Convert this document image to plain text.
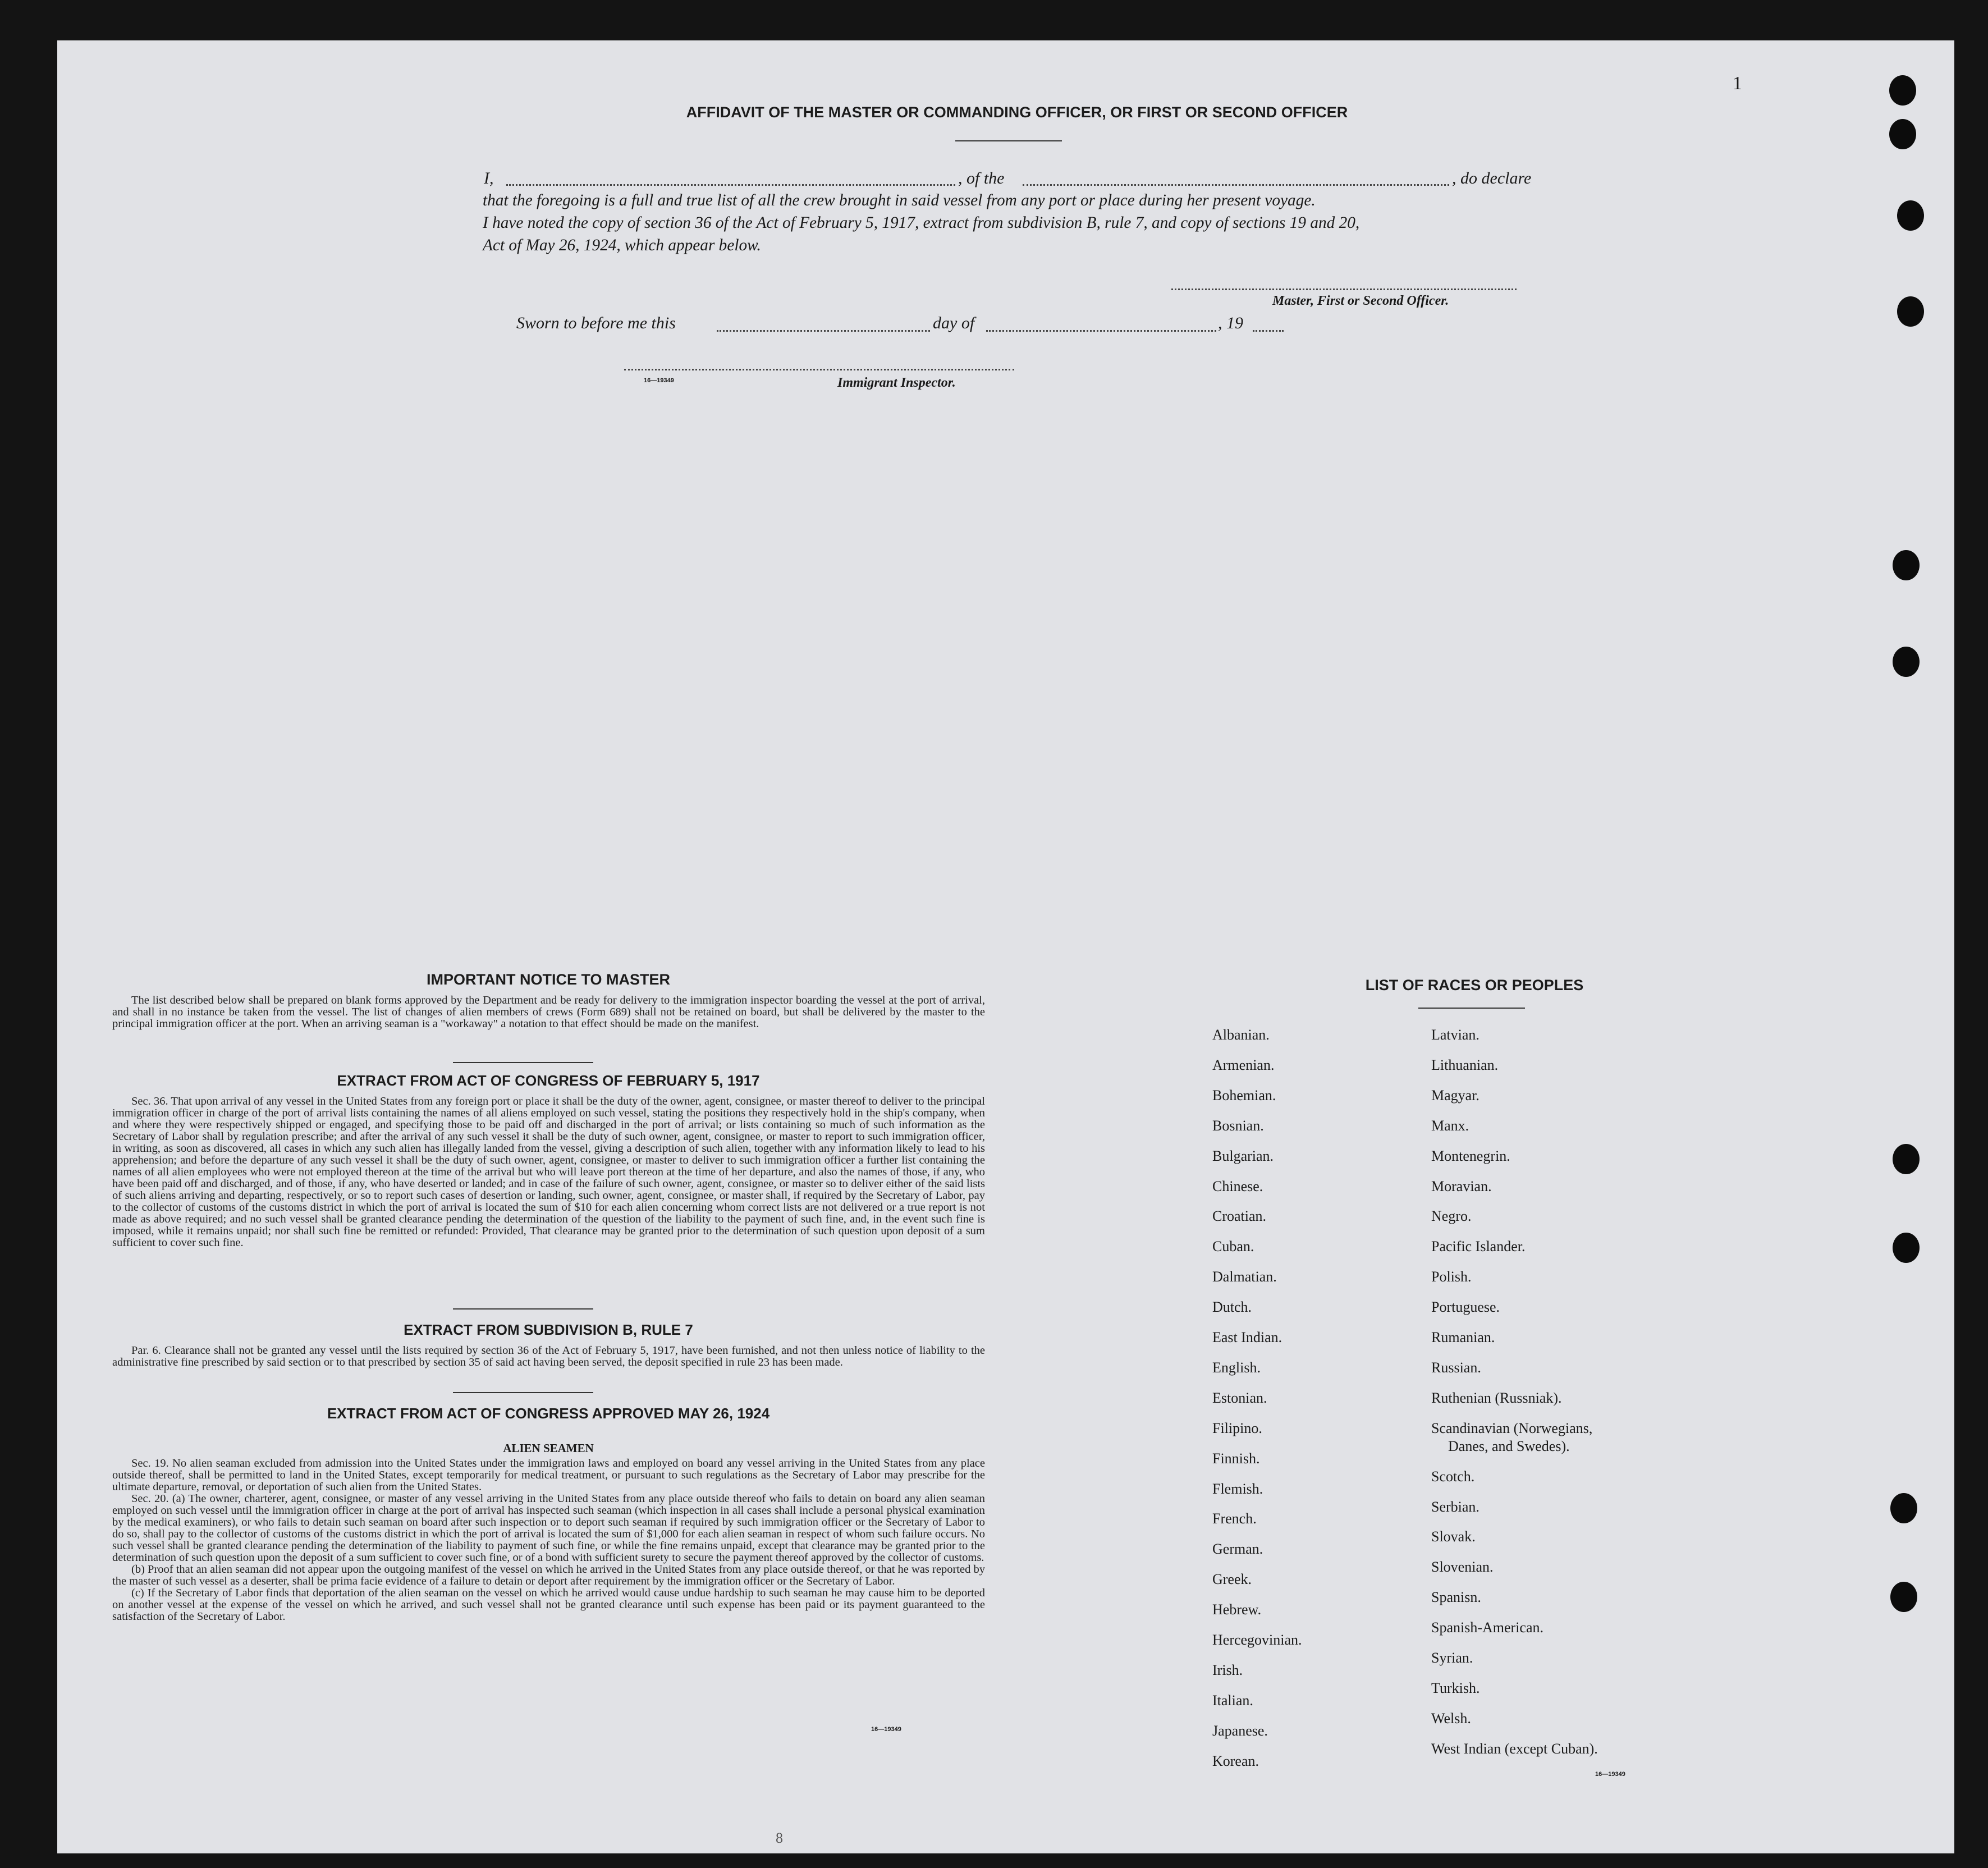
1
8
AFFIDAVIT OF THE MASTER OR COMMANDING OFFICER, OR FIRST OR SECOND OFFICER
I,	, of the	, do declare
that the foregoing is a full and true list of all the crew brought in said vessel from any port or place during her present voyage.
I have noted the copy of section 36 of the Act of February 5, 1917, extract from subdivision B, rule 7, and copy of sections 19 and 20,
Act of May 26, 1924, which appear below.
Master, First or Second Officer.
Sworn to before me this	day of	, 19
16—19349	Immigrant Inspector.
IMPORTANT NOTICE TO MASTER

The list described below shall be prepared on blank forms approved by the Department and be ready for delivery to the immigration inspector boarding the vessel at the port of arrival, and shall in no instance be taken from the vessel. The list of changes of alien members of crews (Form 689) shall not be retained on board, but shall be delivered by the master to the principal immigration officer at the port. When an arriving seaman is a "workaway" a notation to that effect should be made on the manifest.

EXTRACT FROM ACT OF CONGRESS OF FEBRUARY 5, 1917

Sec. 36. That upon arrival of any vessel in the United States from any foreign port or place it shall be the duty of the owner, agent, consignee, or master thereof to deliver to the principal immigration officer in charge of the port of arrival lists containing the names of all aliens employed on such vessel, stating the positions they respectively hold in the ship's company, when and where they were respectively shipped or engaged, and specifying those to be paid off and discharged in the port of arrival; or lists containing so much of such information as the Secretary of Labor shall by regulation prescribe; and after the arrival of any such vessel it shall be the duty of such owner, agent, consignee, or master to report to such immigration officer, in writing, as soon as discovered, all cases in which any such alien has illegally landed from the vessel, giving a description of such alien, together with any information likely to lead to his apprehension; and before the departure of any such vessel it shall be the duty of such owner, agent, consignee, or master to deliver to such immigration officer a further list containing the names of all alien employees who were not employed thereon at the time of the arrival but who will leave port thereon at the time of her departure, and also the names of those, if any, who have been paid off and discharged, and of those, if any, who have deserted or landed; and in case of the failure of such owner, agent, consignee, or master so to deliver either of the said lists of such aliens arriving and departing, respectively, or so to report such cases of desertion or landing, such owner, agent, consignee, or master shall, if required by the Secretary of Labor, pay to the collector of customs of the customs district in which the port of arrival is located the sum of $10 for each alien concerning whom correct lists are not delivered or a true report is not made as above required; and no such vessel shall be granted clearance pending the determination of the question of the liability to the payment of such fine, and, in the event such fine is imposed, while it remains unpaid; nor shall such fine be remitted or refunded: Provided, That clearance may be granted prior to the determination of such question upon deposit of a sum sufficient to cover such fine.

EXTRACT FROM SUBDIVISION B, RULE 7

Par. 6. Clearance shall not be granted any vessel until the lists required by section 36 of the Act of February 5, 1917, have been furnished, and not then unless notice of liability to the administrative fine prescribed by said section or to that prescribed by section 35 of said act having been served, the deposit specified in rule 23 has been made.

EXTRACT FROM ACT OF CONGRESS APPROVED MAY 26, 1924
ALIEN SEAMEN

Sec. 19. No alien seaman excluded from admission into the United States under the immigration laws and employed on board any vessel arriving in the United States from any place outside thereof, shall be permitted to land in the United States, except temporarily for medical treatment, or pursuant to such regulations as the Secretary of Labor may prescribe for the ultimate departure, removal, or deportation of such alien from the United States.

Sec. 20. (a) The owner, charterer, agent, consignee, or master of any vessel arriving in the United States from any place outside thereof who fails to detain on board any alien seaman employed on such vessel until the immigration officer in charge at the port of arrival has inspected such seaman (which inspection in all cases shall include a personal physical examination by the medical examiners), or who fails to detain such seaman on board after such inspection or to deport such seaman if required by such immigration officer or the Secretary of Labor to do so, shall pay to the collector of customs of the customs district in which the port of arrival is located the sum of $1,000 for each alien seaman in respect of whom such failure occurs. No such vessel shall be granted clearance pending the determination of the liability to payment of such fine, or while the fine remains unpaid, except that clearance may be granted prior to the determination of such question upon the deposit of a sum sufficient to cover such fine, or of a bond with sufficient surety to secure the payment thereof approved by the collector of customs.

(b) Proof that an alien seaman did not appear upon the outgoing manifest of the vessel on which he arrived in the United States from any place outside thereof, or that he was reported by the master of such vessel as a deserter, shall be prima facie evidence of a failure to detain or deport after requirement by the immigration officer or the Secretary of Labor.

(c) If the Secretary of Labor finds that deportation of the alien seaman on the vessel on which he arrived would cause undue hardship to such seaman he may cause him to be deported on another vessel at the expense of the vessel on which he arrived, and such vessel shall not be granted clearance until such expense has been paid or its payment guaranteed to the satisfaction of the Secretary of Labor.

16—19349
LIST OF RACES OR PEOPLES
Albanian.
Armenian.
Bohemian.
Bosnian.
Bulgarian.
Chinese.
Croatian.
Cuban.
Dalmatian.
Dutch.
East Indian.
English.
Estonian.
Filipino.
Finnish.
Flemish.
French.
German.
Greek.
Hebrew.
Hercegovinian.
Irish.
Italian.
Japanese.
Korean.
Latvian.
Lithuanian.
Magyar.
Manx.
Montenegrin.
Moravian.
Negro.
Pacific Islander.
Polish.
Portuguese.
Rumanian.
Russian.
Ruthenian (Russniak).
Scandinavian (Norwegians,
Danes, and Swedes).
Scotch.
Serbian.
Slovak.
Slovenian.
Spanisn.
Spanish-American.
Syrian.
Turkish.
Welsh.
West Indian (except Cuban).
16—19349
